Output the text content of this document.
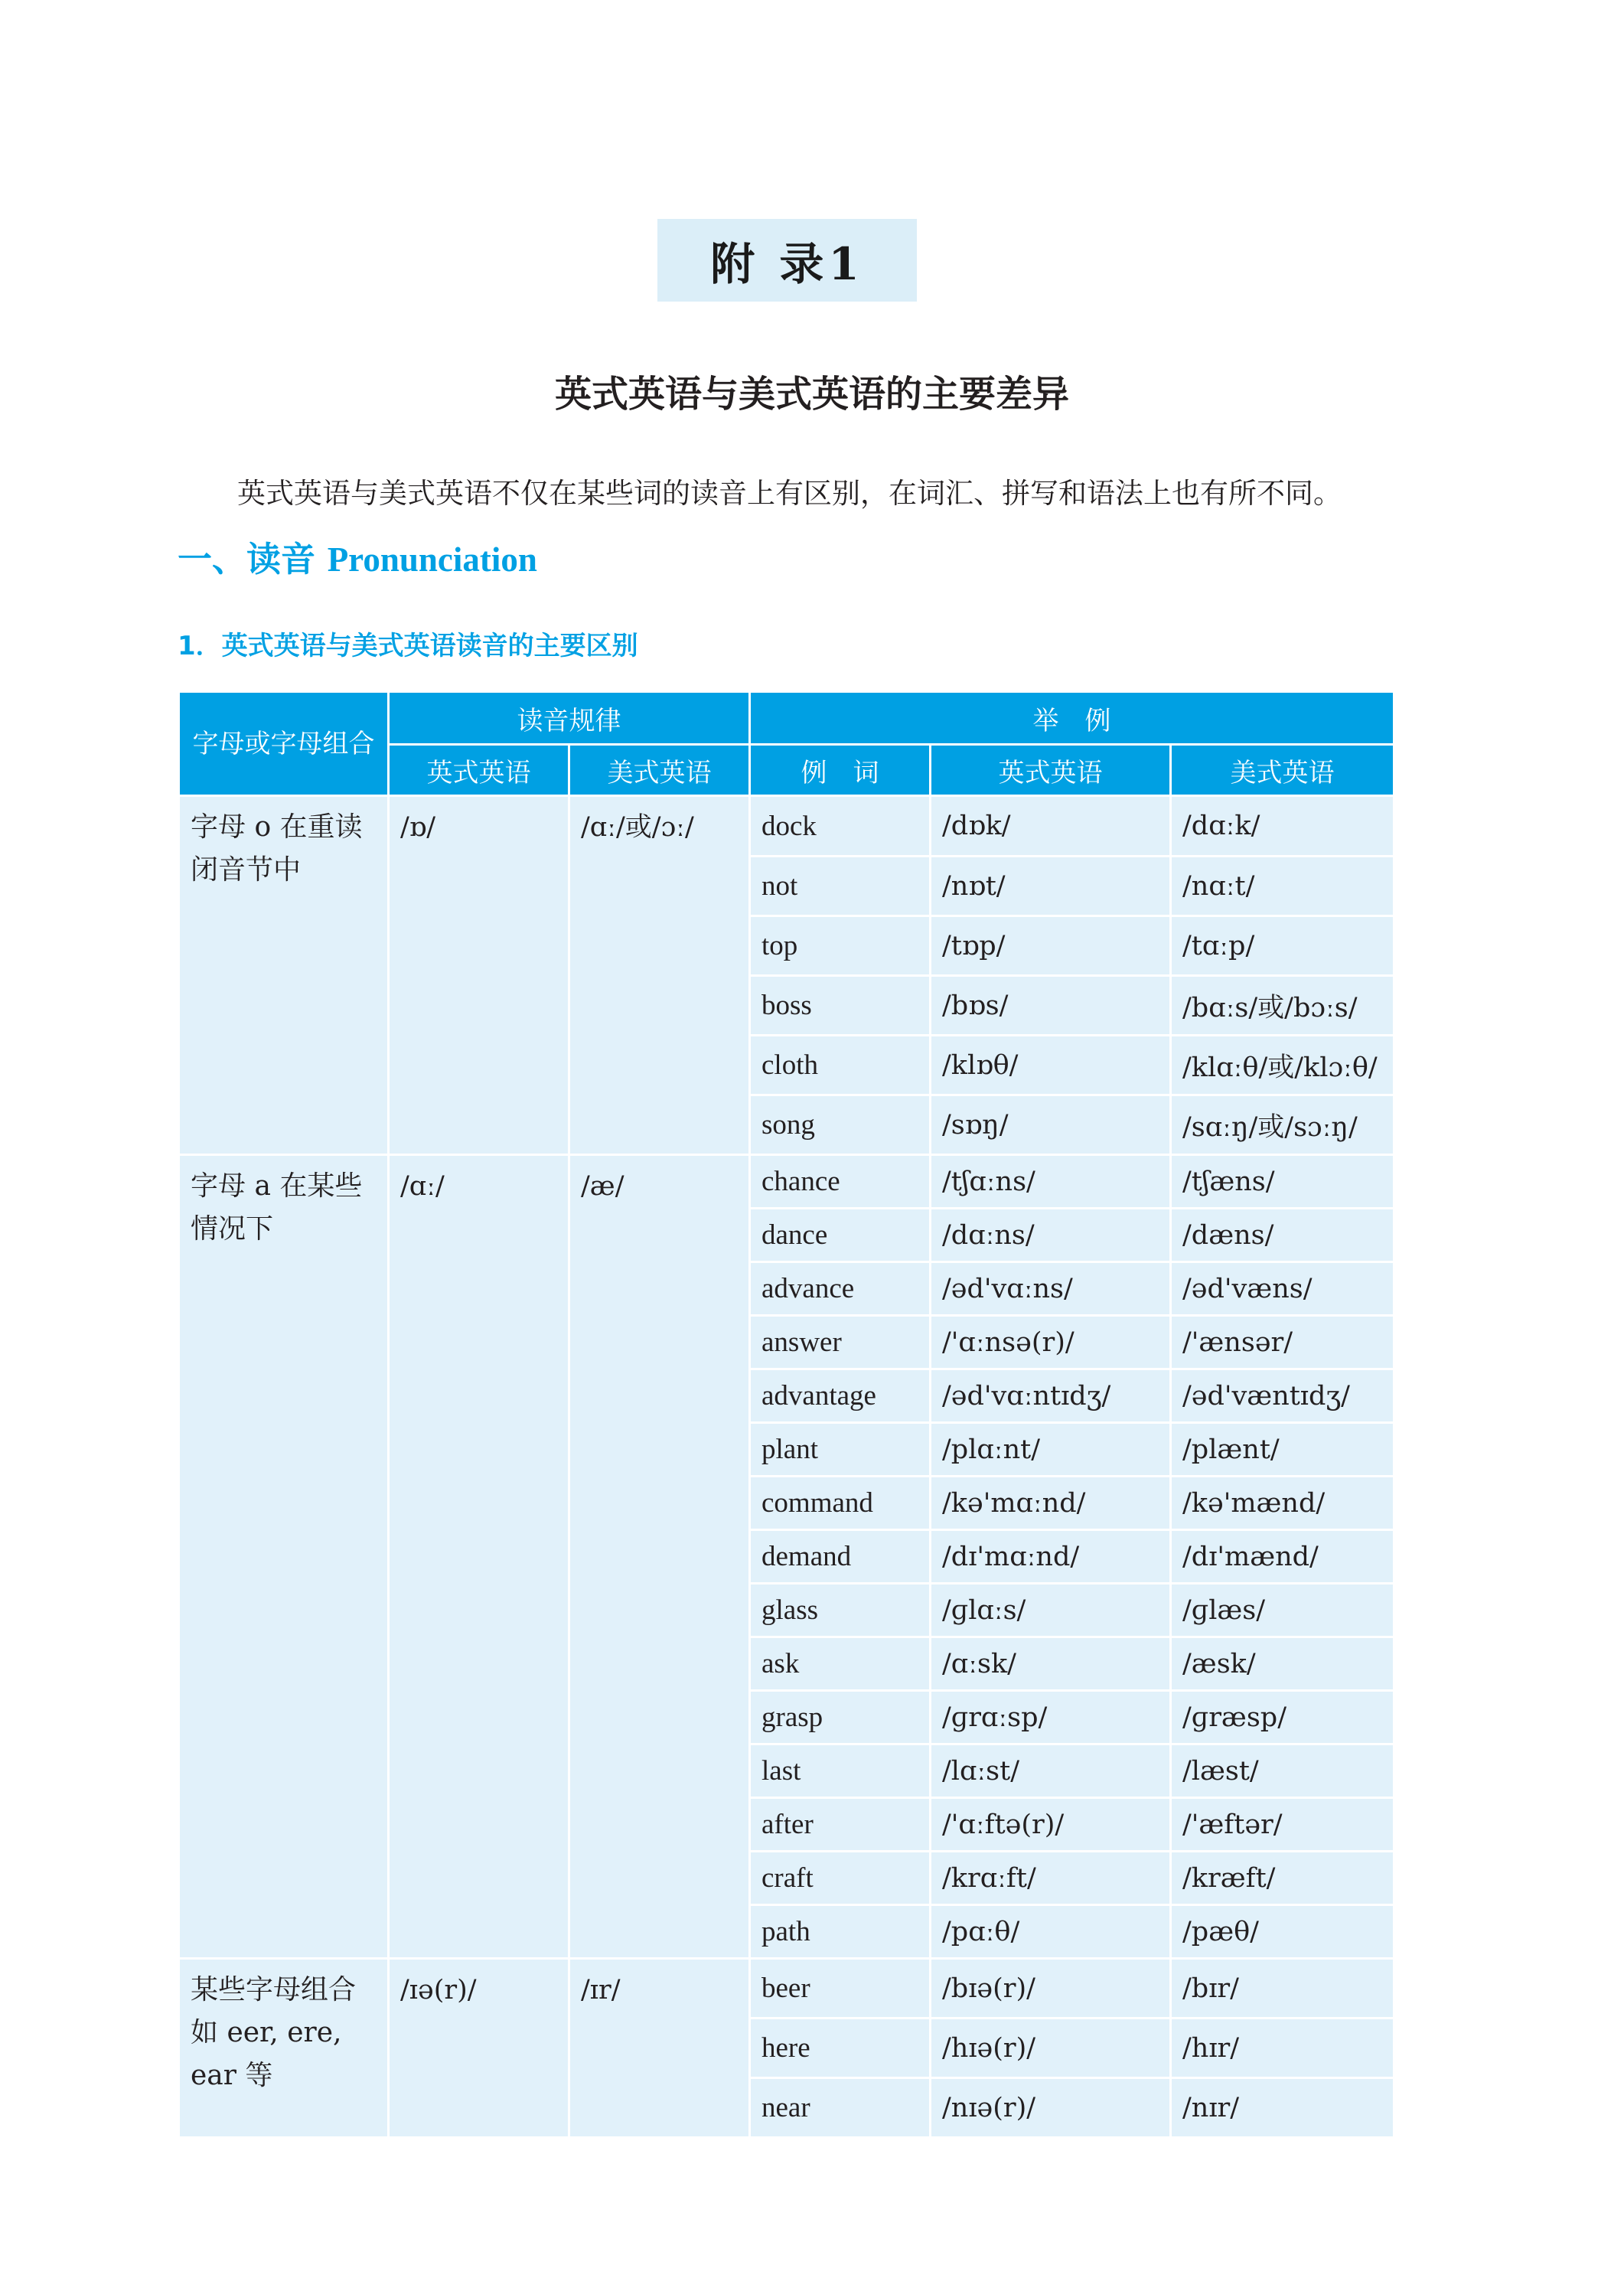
附 录1
英式英语与美式英语的主要差异
英式英语与美式英语不仅在某些词的读音上有区别，在词汇、拼写和语法上也有所不同。
一、读音 Pronunciation
1．英式英语与美式英语读音的主要区别
字母或字母组合	读音规律		举　例		
	英式英语	美式英语	例　词	英式英语	美式英语
字母 o 在重读闭音节中	/ɒ/	/ɑː/或/ɔː/	dock	/dɒk/	/dɑːk/
			not	/nɒt/	/nɑːt/
			top	/tɒp/	/tɑːp/
			boss	/bɒs/	/bɑːs/或/bɔːs/
			cloth	/klɒθ/	/klɑːθ/或/klɔːθ/
			song	/sɒŋ/	/sɑːŋ/或/sɔːŋ/
字母 a 在某些情况下	/ɑː/	/æ/	chance	/tʃɑːns/	/tʃæns/
			dance	/dɑːns/	/dæns/
			advance	/əd'vɑːns/	/əd'væns/
			answer	/'ɑːnsə(r)/	/'ænsər/
			advantage	/əd'vɑːntɪdʒ/	/əd'væntɪdʒ/
			plant	/plɑːnt/	/plænt/
			command	/kə'mɑːnd/	/kə'mænd/
			demand	/dɪ'mɑːnd/	/dɪ'mænd/
			glass	/ɡlɑːs/	/ɡlæs/
			ask	/ɑːsk/	/æsk/
			grasp	/ɡrɑːsp/	/ɡræsp/
			last	/lɑːst/	/læst/
			after	/'ɑːftə(r)/	/'æftər/
			craft	/krɑːft/	/kræft/
			path	/pɑːθ/	/pæθ/
某些字母组合如 eer, ere, ear 等	/ɪə(r)/	/ɪr/	beer	/bɪə(r)/	/bɪr/
			here	/hɪə(r)/	/hɪr/
			near	/nɪə(r)/	/nɪr/
